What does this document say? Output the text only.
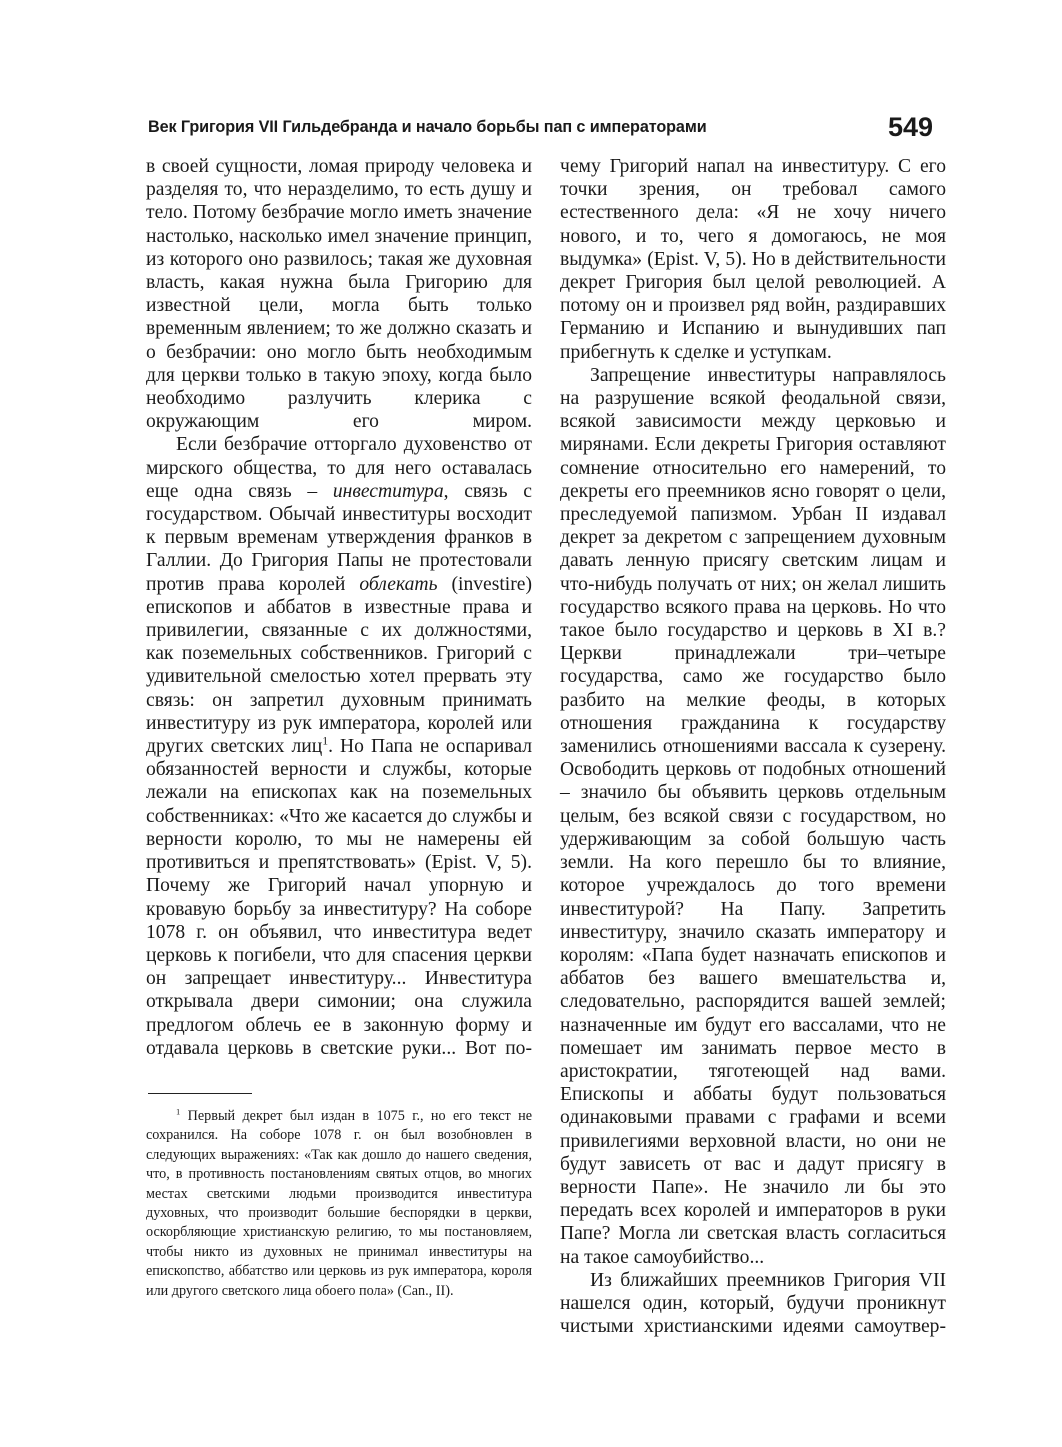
Век Григория VII Гильдебранда и начало борьбы пап с императорами	549

в своей сущности, ломая природу человека и разделяя то, что неразделимо, то есть душу и тело. Потому безбрачие могло иметь значение настолько, насколько имел значение принцип, из которого оно развилось; такая же духовная власть, какая нужна была Григорию для известной цели, могла быть только временным явлением; то же должно сказать и о безбрачии: оно могло быть необходимым для церкви только в такую эпоху, когда было необходимо разлучить клерика с окружающим его миром.

Если безбрачие отторгало духовенство от мирского общества, то для него оставалась еще одна связь – инвеститура, связь с государством. Обычай инвеституры восходит к первым временам утверждения франков в Галлии. До Григория Папы не протестовали против права королей облекать (investire) епископов и аббатов в известные права и привилегии, связанные с их должностями, как поземельных собственников. Григорий с удивительной смелостью хотел прервать эту связь: он запретил духовным принимать инвеституру из рук императора, королей или других светских лиц$^1$. Но Папа не оспаривал обязанностей верности и службы, которые лежали на епископах как на поземельных собственниках: «Что же касается до службы и верности королю, то мы не намерены ей противиться и препятствовать» (Epist. V, 5). Почему же Григорий начал упорную и кровавую борьбу за инвеституру? На соборе 1078 г. он объявил, что инвеститура ведет церковь к погибели, что для спасения церкви он запрещает инвеституру... Инвеститура открывала двери симонии; она служила предлогом облечь ее в законную форму и отдавала церковь в светские руки... Вот по-

чему Григорий напал на инвеституру. С его точки зрения, он требовал самого естественного дела: «Я не хочу ничего нового, и то, чего я домогаюсь, не моя выдумка» (Epist. V, 5). Но в действительности декрет Григория был целой революцией. А потому он и произвел ряд войн, раздиравших Германию и Испанию и вынудивших пап прибегнуть к сделке и уступкам.

Запрещение инвеституры направлялось на разрушение всякой феодальной связи, всякой зависимости между церковью и мирянами. Если декреты Григория оставляют сомнение относительно его намерений, то декреты его преемников ясно говорят о цели, преследуемой папизмом. Урбан II издавал декрет за декретом с запрещением духовным давать ленную присягу светским лицам и что-нибудь получать от них; он желал лишить государство всякого права на церковь. Но что такое было государство и церковь в XI в.? Церкви принадлежали три–четыре государства, само же государство было разбито на мелкие феоды, в которых отношения гражданина к государству заменились отношениями вассала к сузерену. Освободить церковь от подобных отношений – значило бы объявить церковь отдельным целым, без всякой связи с государством, но удерживающим за собой большую часть земли. На кого перешло бы то влияние, которое учреждалось до того времени инвеститурой? На Папу. Запретить инвеституру, значило сказать императору и королям: «Папа будет назначать епископов и аббатов без вашего вмешательства и, следовательно, распорядится вашей землей; назначенные им будут его вассалами, что не помешает им занимать первое место в аристократии, тяготеющей над вами. Епископы и аббаты будут пользоваться одинаковыми правами с графами и всеми привилегиями верховной власти, но они не будут зависеть от вас и дадут присягу в верности Папе». Не значило ли бы это передать всех королей и императоров в руки Папе? Могла ли светская власть согласиться на такое самоубийство...

Из ближайших преемников Григория VII нашелся один, который, будучи проникнут чистыми христианскими идеями самоутвер-

$^1$ Первый декрет был издан в 1075 г., но его текст не сохранился. На соборе 1078 г. он был возобновлен в следующих выражениях: «Так как дошло до нашего сведения, что, в противность постановлениям святых отцов, во многих местах светскими людьми производится инвеститура духовных, что производит большие беспорядки в церкви, оскорбляющие христианскую религию, то мы постановляем, чтобы никто из духовных не принимал инвеституры на епископство, аббатство или церковь из рук императора, короля или другого светского лица обоего пола» (Can., II).
